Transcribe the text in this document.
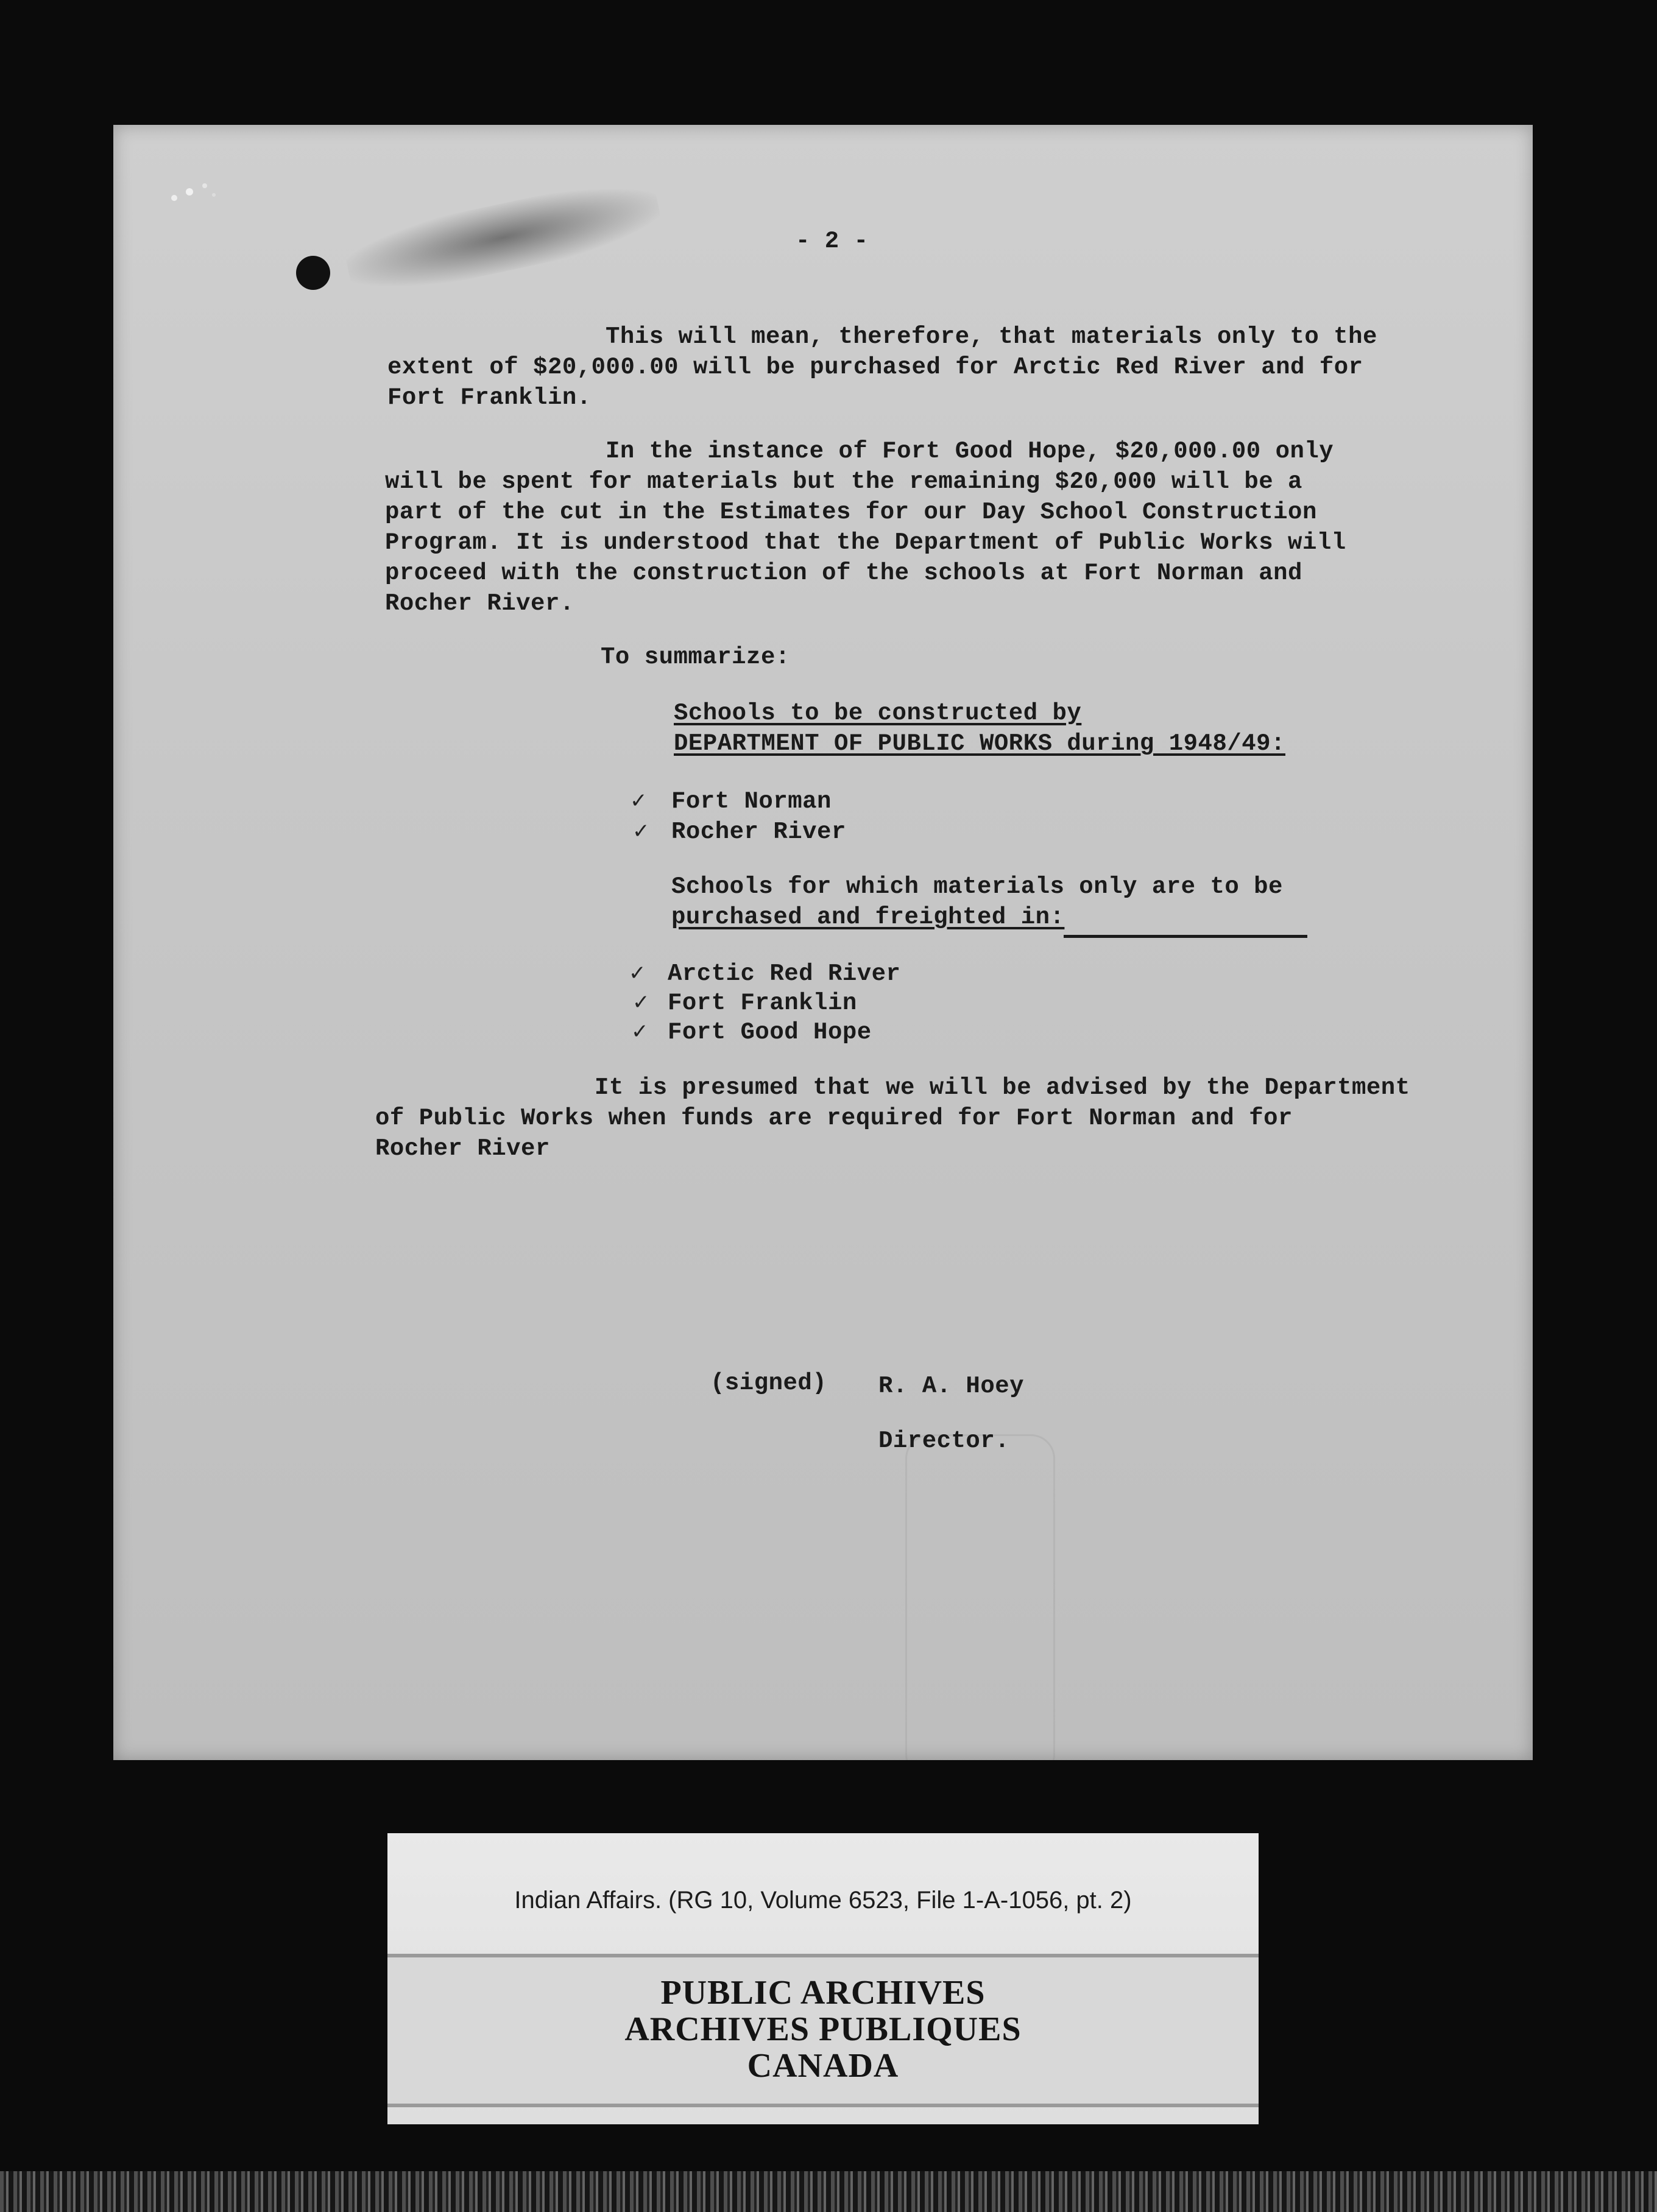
- 2 -
This will mean, therefore, that materials only to the
extent of $20,000.00 will be purchased for Arctic Red River and for
Fort Franklin.
In the instance of Fort Good Hope, $20,000.00 only
will be spent for materials but the remaining $20,000 will be a
part of the cut in the Estimates for our Day School Construction
Program. It is understood that the Department of Public Works will
proceed with the construction of the schools at Fort Norman and
Rocher River.
To summarize:
Schools to be constructed by
DEPARTMENT OF PUBLIC WORKS during 1948/49:
✓ Fort Norman
✓ Rocher River
Schools for which materials only are to be
purchased and freighted in:
✓ Arctic Red River
✓ Fort Franklin
✓ Fort Good Hope
It is presumed that we will be advised by the Department
of Public Works when funds are required for Fort Norman and for
Rocher River
(signed) R. A. Hoey
Director.
Indian Affairs. (RG 10, Volume 6523, File 1-A-1056, pt. 2)
PUBLIC ARCHIVES
ARCHIVES PUBLIQUES
CANADA
